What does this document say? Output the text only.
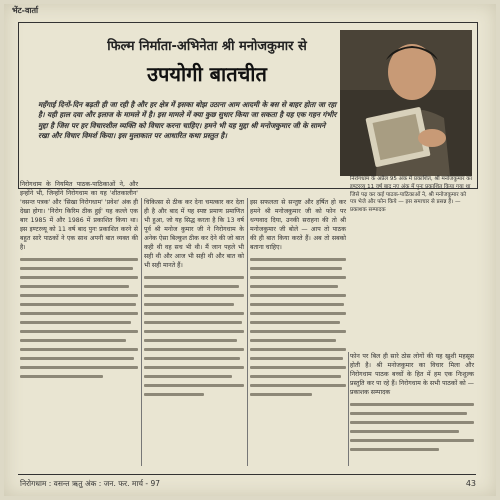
भेंट-वार्ता
फिल्म निर्माता-अभिनेता श्री मनोजकुमार से
उपयोगी बातचीत
महँगाई दिनों-दिन बढ़ती ही जा रही है और हर क्षेत्र में इसका बोझ उठाना आम आदमी के बस से बाहर होता जा रहा है। यही हाल दवा और इलाज के मामले में है। इस मामले में क्या कुछ सुधार किया जा सकता है यह एक गहन गंभीर मुद्दा है जिस पर हर विचारशील व्यक्ति को विचार करना चाहिए। हमने भी यह मुद्दा श्री मनोजकुमार जी के सामने रखा और विचार विमर्श किया। इस मुलाकात पर आधारित कथा प्रस्तुत है।
निरोगधाम के अप्रैल 95 अंक में प्रकाशित, श्री मनोजकुमार का इण्टरव्यू 11 वर्ष बाद नए अंक में पुनः प्रकाशित किया गया था जिसे पढ़ कर कई पाठक-पाठिकाओं ने, श्री मनोजकुमार को पत्र भेजे और फोन किये — इस समाचार से प्रसन्न हैं। — प्रकाशक सम्पादक
निरोगधाम के नियमित पाठक-पाठिकाओं ने, और इन्होंने भी, जिन्होंने निरोगधाम का यह 'शीतकालीन' 'वसन्त पत्रक' और 'सिखा निरोगधाम' 'प्रवेश' अंक ही देखा होगा। 'निरोग किरिम ठीक हुई' यह कल्ले एक बार 1985 में और 1986 में प्रकाशित किया था। इस इण्टरव्यू को 11 वर्ष बाद पुनः प्रकाशित करने से बहुत सारे पाठकों ने एक साथ अपनी बात व्यक्त की है।
चिकित्सा से ठीक कर देना चमत्कार कर देता ही है और बाद में यह स्पष्ट प्रमाण प्रमाणित भी हुआ, जो यह सिद्ध करता है कि 13 वर्ष पूर्व श्री मनोज कुमार जी ने निरोगधाम के अनेक ऐसा बिल्कुल ठीक कर देने की जो बात कही थी वह सच भी थी। मैं जान पहले भी सही थी और आज भी सही थी और बात को भी सही मानते हैं।
इस सफलता से सन्तुष्ट और हर्षित हो कर हमने श्री मनोजकुमार जी को फोन पर धन्यवाद दिया, उनकी सराहना की तो श्री मनोजकुमार जी बोले — आप तो पाठक की ही बात किया करते हैं। अब तो सबको बताना चाहिए।
फोन पर बिल ही सारे ठोस लोगों की यह खुशी महसूस होती है। श्री मनोजकुमार का विचार मिला और निरोगधाम पाठक बच्चों के हित में हम एक निःशुल्क प्रस्तुति कर पा रहे हैं। निरोगधाम के सभी पाठकों को — प्रकाशक सम्पादक
निरोगधाम : वसन्त ऋतु अंक : जन. फर. मार्च - 97	43
